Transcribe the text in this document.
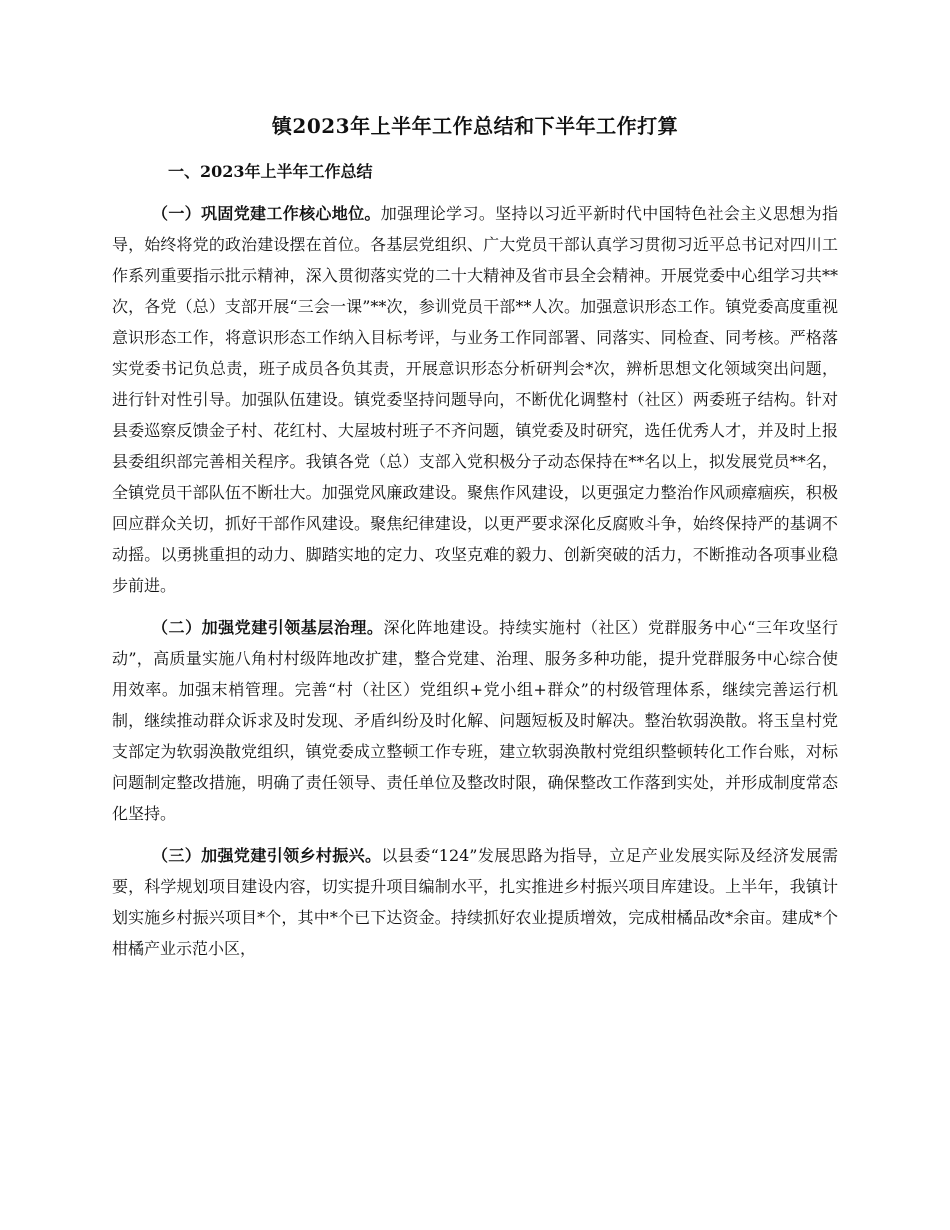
镇2023年上半年工作总结和下半年工作打算
一、2023年上半年工作总结

（一）巩固党建工作核心地位。加强理论学习。坚持以习近平新时代中国特色社会主义思想为指导，始终将党的政治建设摆在首位。各基层党组织、广大党员干部认真学习贯彻习近平总书记对四川工作系列重要指示批示精神，深入贯彻落实党的二十大精神及省市县全会精神。开展党委中心组学习共**次，各党（总）支部开展“三会一课”**次，参训党员干部**人次。加强意识形态工作。镇党委高度重视意识形态工作，将意识形态工作纳入目标考评，与业务工作同部署、同落实、同检查、同考核。严格落实党委书记负总责，班子成员各负其责，开展意识形态分析研判会*次，辨析思想文化领域突出问题，进行针对性引导。加强队伍建设。镇党委坚持问题导向，不断优化调整村（社区）两委班子结构。针对县委巡察反馈金子村、花红村、大屋坡村班子不齐问题，镇党委及时研究，选任优秀人才，并及时上报县委组织部完善相关程序。我镇各党（总）支部入党积极分子动态保持在**名以上，拟发展党员**名，全镇党员干部队伍不断壮大。加强党风廉政建设。聚焦作风建设，以更强定力整治作风顽瘴痼疾，积极回应群众关切，抓好干部作风建设。聚焦纪律建设，以更严要求深化反腐败斗争，始终保持严的基调不动摇。以勇挑重担的动力、脚踏实地的定力、攻坚克难的毅力、创新突破的活力，不断推动各项事业稳步前进。

（二）加强党建引领基层治理。深化阵地建设。持续实施村（社区）党群服务中心“三年攻坚行动”，高质量实施八角村村级阵地改扩建，整合党建、治理、服务多种功能，提升党群服务中心综合使用效率。加强末梢管理。完善“村（社区）党组织+党小组+群众”的村级管理体系，继续完善运行机制，继续推动群众诉求及时发现、矛盾纠纷及时化解、问题短板及时解决。整治软弱涣散。将玉皇村党支部定为软弱涣散党组织，镇党委成立整顿工作专班，建立软弱涣散村党组织整顿转化工作台账，对标问题制定整改措施，明确了责任领导、责任单位及整改时限，确保整改工作落到实处，并形成制度常态化坚持。

（三）加强党建引领乡村振兴。以县委“124”发展思路为指导，立足产业发展实际及经济发展需要，科学规划项目建设内容，切实提升项目编制水平，扎实推进乡村振兴项目库建设。上半年，我镇计划实施乡村振兴项目*个，其中*个已下达资金。持续抓好农业提质增效，完成柑橘品改*余亩。建成*个柑橘产业示范小区，
